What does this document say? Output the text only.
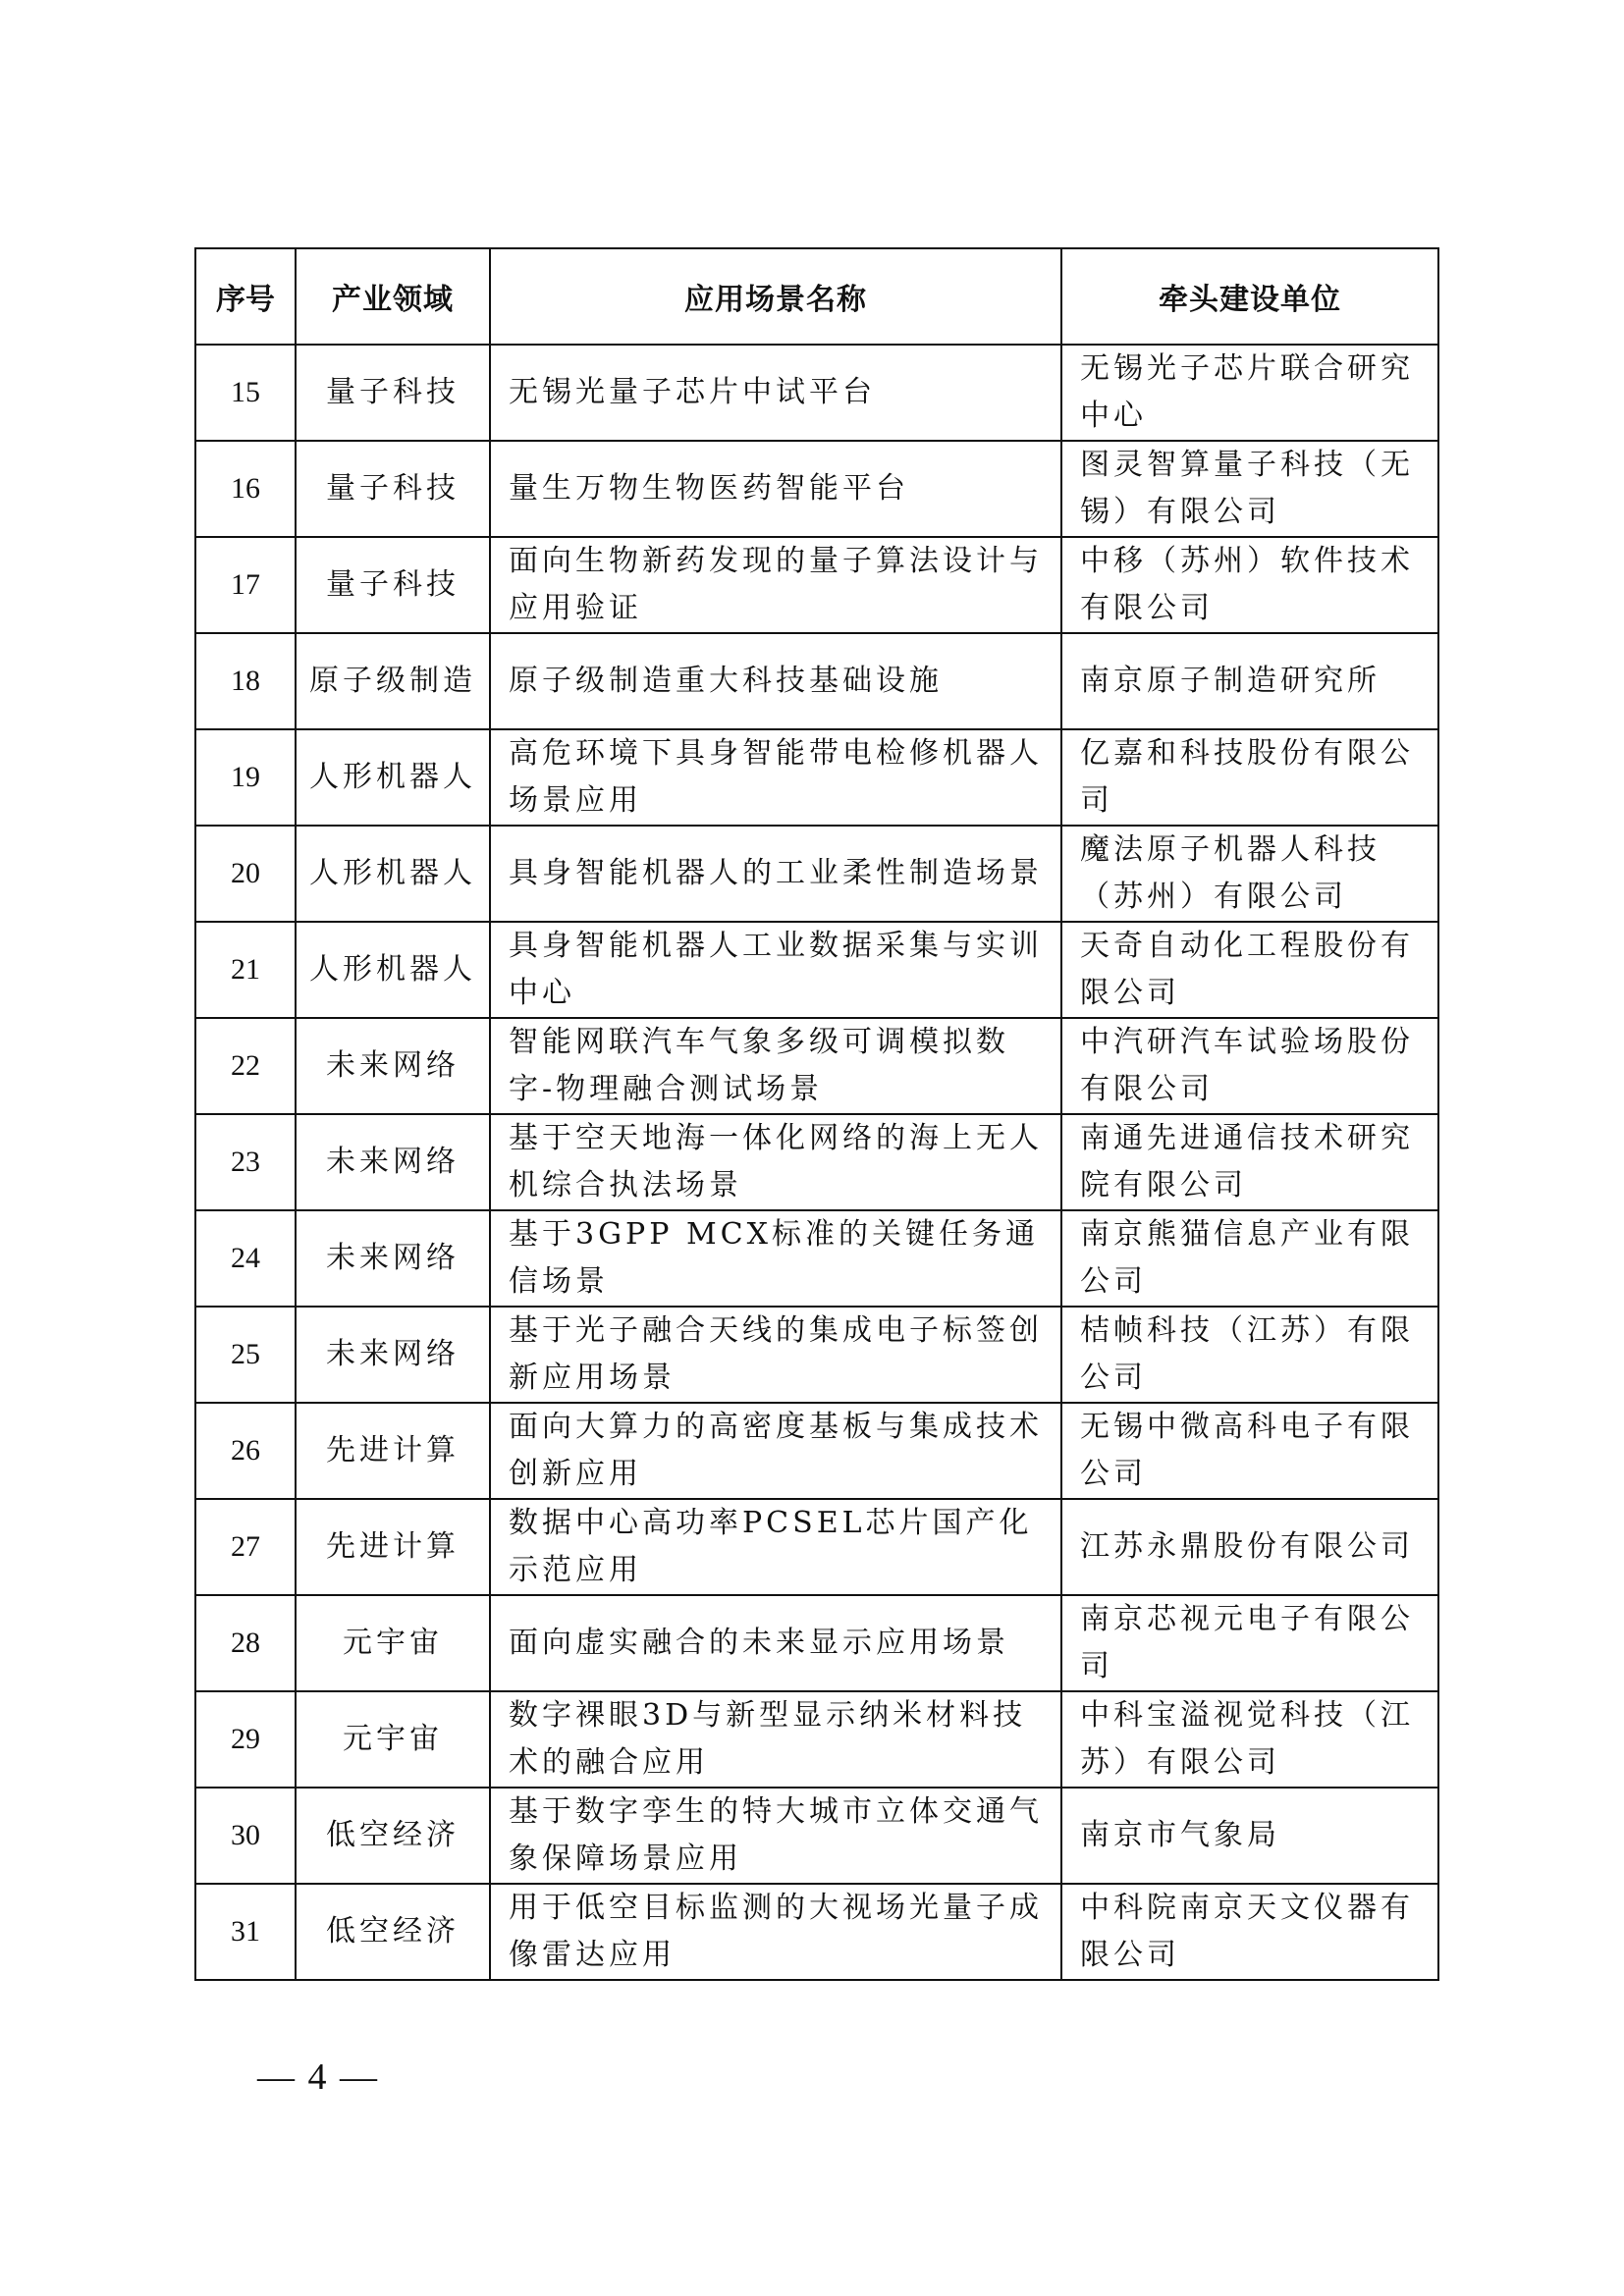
序号	产业领域	应用场景名称	牵头建设单位
15	量子科技	无锡光量子芯片中试平台	无锡光子芯片联合研究中心
16	量子科技	量生万物生物医药智能平台	图灵智算量子科技（无锡）有限公司
17	量子科技	面向生物新药发现的量子算法设计与应用验证	中移（苏州）软件技术有限公司
18	原子级制造	原子级制造重大科技基础设施	南京原子制造研究所
19	人形机器人	高危环境下具身智能带电检修机器人场景应用	亿嘉和科技股份有限公司
20	人形机器人	具身智能机器人的工业柔性制造场景	魔法原子机器人科技（苏州）有限公司
21	人形机器人	具身智能机器人工业数据采集与实训中心	天奇自动化工程股份有限公司
22	未来网络	智能网联汽车气象多级可调模拟数字-物理融合测试场景	中汽研汽车试验场股份有限公司
23	未来网络	基于空天地海一体化网络的海上无人机综合执法场景	南通先进通信技术研究院有限公司
24	未来网络	基于3GPP MCX标准的关键任务通信场景	南京熊猫信息产业有限公司
25	未来网络	基于光子融合天线的集成电子标签创新应用场景	桔帧科技（江苏）有限公司
26	先进计算	面向大算力的高密度基板与集成技术创新应用	无锡中微高科电子有限公司
27	先进计算	数据中心高功率PCSEL芯片国产化示范应用	江苏永鼎股份有限公司
28	元宇宙	面向虚实融合的未来显示应用场景	南京芯视元电子有限公司
29	元宇宙	数字裸眼3D与新型显示纳米材料技术的融合应用	中科宝溢视觉科技（江苏）有限公司
30	低空经济	基于数字孪生的特大城市立体交通气象保障场景应用	南京市气象局
31	低空经济	用于低空目标监测的大视场光量子成像雷达应用	中科院南京天文仪器有限公司
— 4 —
